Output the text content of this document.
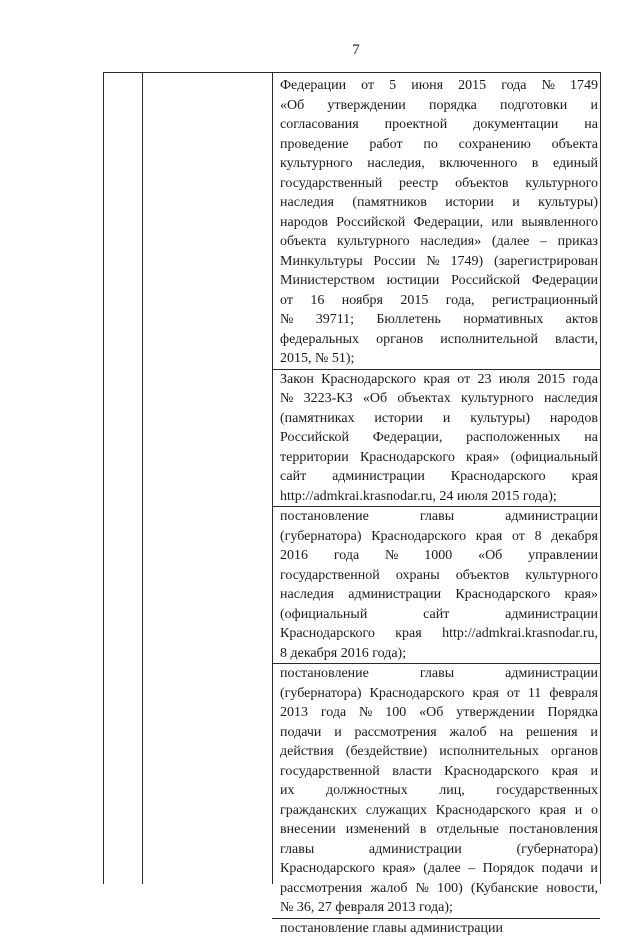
7
Федерации от 5 июня 2015 года № 1749
«Об утверждении порядка подготовки и
согласования проектной документации на
проведение работ по сохранению объекта
культурного наследия, включенного в единый
государственный реестр объектов культурного
наследия (памятников истории и культуры)
народов Российской Федерации, или выявленного
объекта культурного наследия» (далее – приказ
Минкультуры России № 1749) (зарегистрирован
Министерством юстиции Российской Федерации
от 16 ноября 2015 года, регистрационный
№ 39711; Бюллетень нормативных актов
федеральных органов исполнительной власти,
2015, № 51);
Закон Краснодарского края от 23 июля 2015 года
№ 3223-КЗ «Об объектах культурного наследия
(памятниках истории и культуры) народов
Российской Федерации, расположенных на
территории Краснодарского края» (официальный
сайт администрации Краснодарского края
http://admkrai.krasnodar.ru, 24 июля 2015 года);
постановление	главы	администрации
(губернатора) Краснодарского края от 8 декабря
2016 года № 1000 «Об управлении
государственной охраны объектов культурного
наследия администрации Краснодарского края»
(официальный	сайт	администрации
Краснодарского края http://admkrai.krasnodar.ru,
8 декабря 2016 года);
постановление	главы	администрации
(губернатора) Краснодарского края от 11 февраля
2013 года № 100 «Об утверждении Порядка
подачи и рассмотрения жалоб на решения и
действия (бездействие) исполнительных органов
государственной власти Краснодарского края и
их должностных лиц, государственных
гражданских служащих Краснодарского края и о
внесении изменений в отдельные постановления
главы	администрации	(губернатора)
Краснодарского края» (далее – Порядок подачи и
рассмотрения жалоб № 100) (Кубанские новости,
№ 36, 27 февраля 2013 года);
постановление главы администрации
